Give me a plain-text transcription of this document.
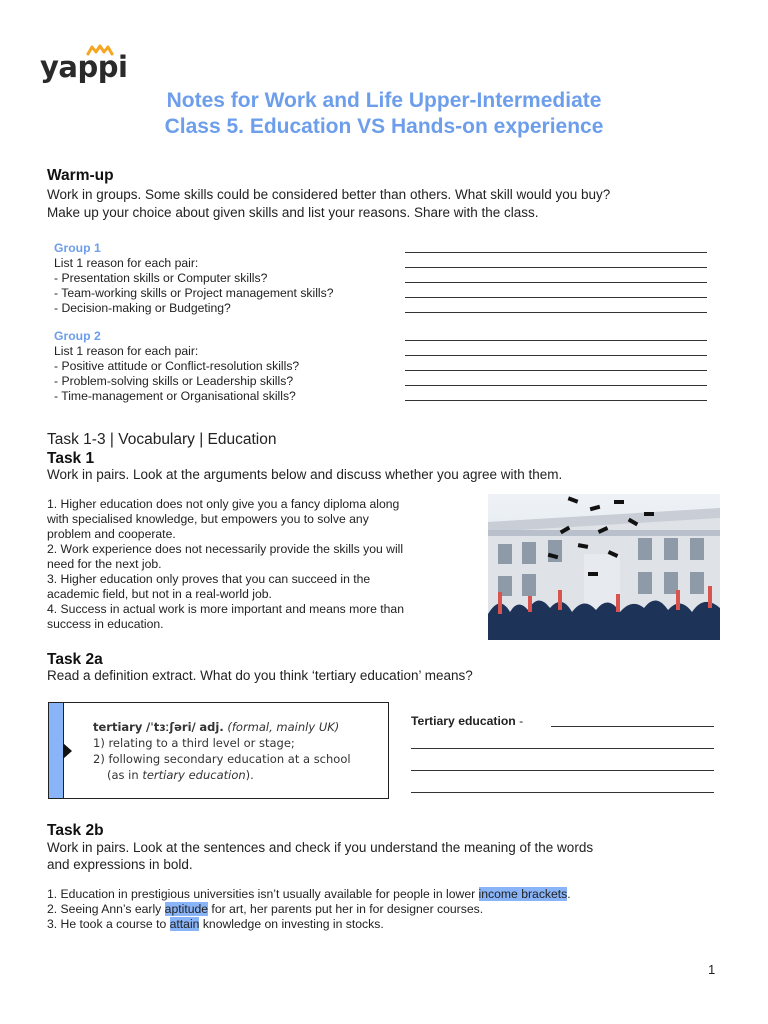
yappi
Notes for Work and Life Upper-Intermediate
Class 5. Education VS Hands-on experience
Warm-up
Work in groups. Some skills could be considered better than others. What skill would you buy?
Make up your choice about given skills and list your reasons. Share with the class.
Group 1
List 1 reason for each pair:
- Presentation skills or Computer skills?
- Team-working skills or Project management skills?
- Decision-making or Budgeting?
Group 2
List 1 reason for each pair:
- Positive attitude or Conflict-resolution skills?
- Problem-solving skills or Leadership skills?
- Time-management or Organisational skills?
Task 1-3 | Vocabulary | Education
Task 1
Work in pairs. Look at the arguments below and discuss whether you agree with them.
1. Higher education does not only give you a fancy diploma along
with specialised knowledge, but empowers you to solve any
problem and cooperate.
2. Work experience does not necessarily provide the skills you will
need for the next job.
3. Higher education only proves that you can succeed in the
academic field, but not in a real-world job.
4. Success in actual work is more important and means more than
success in education.
Task 2a
Read a definition extract. What do you think ‘tertiary education’ means?
tertiary /ˈtɜːʃəri/ adj. (formal, mainly UK)
1) relating to a third level or stage;
2) following secondary education at a school
(as in tertiary education).
Tertiary education -
Task 2b
Work in pairs. Look at the sentences and check if you understand the meaning of the words
and expressions in bold.
1. Education in prestigious universities isn’t usually available for people in lower income brackets.
2. Seeing Ann’s early aptitude for art, her parents put her in for designer courses.
3. He took a course to attain knowledge on investing in stocks.
1
